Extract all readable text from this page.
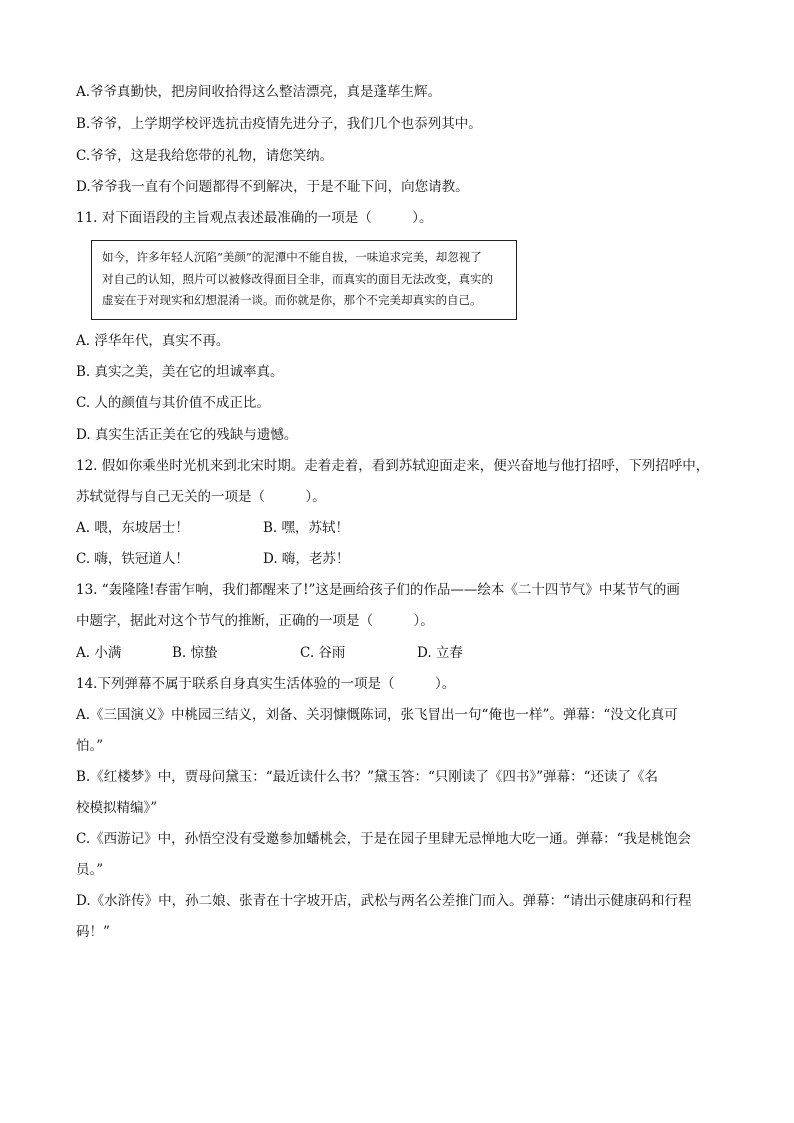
A.爷爷真勤快，把房间收拾得这么整洁漂亮，真是蓬荜生辉。
B.爷爷，上学期学校评选抗击疫情先进分子，我们几个也忝列其中。
C.爷爷，这是我给您带的礼物，请您笑纳。
D.爷爷我一直有个问题都得不到解决，于是不耻下问，向您请教。
11. 对下面语段的主旨观点表述最准确的一项是（　　　）。
如今，许多年轻人沉陷“美颜”的泥潭中不能自拔，一味追求完美，却忽视了
对自己的认知，照片可以被修改得面目全非，而真实的面目无法改变，真实的
虚妄在于对现实和幻想混淆一谈。而你就是你，那个不完美却真实的自己。
A. 浮华年代，真实不再。
B. 真实之美，美在它的坦诚率真。
C. 人的颜值与其价值不成正比。
D. 真实生活正美在它的残缺与遗憾。
12. 假如你乘坐时光机来到北宋时期。走着走着，看到苏轼迎面走来，便兴奋地与他打招呼，下列招呼中，
苏轼觉得与自己无关的一项是（　　　）。
A. 喂，东坡居士！	B. 嘿，苏轼！
C. 嗨，铁冠道人！	D. 嗨，老苏！
13. “轰隆隆!春雷乍响，我们都醒来了!”这是画给孩子们的作品——绘本《二十四节气》中某节气的画
中题字，据此对这个节气的推断，正确的一项是（　　　）。
A. 小满	B. 惊蛰	C. 谷雨	D. 立春
14.下列弹幕不属于联系自身真实生活体验的一项是（　　　）。
A.《三国演义》中桃园三结义，刘备、关羽慷慨陈词，张飞冒出一句“俺也一样”。弹幕：“没文化真可
怕。”
B.《红楼梦》中，贾母问黛玉：“最近读什么书？”黛玉答：“只刚读了《四书》”弹幕：“还读了《名
校模拟精编》”
C.《西游记》中，孙悟空没有受邀参加蟠桃会，于是在园子里肆无忌惮地大吃一通。弹幕：“我是桃饱会
员。”
D.《水浒传》中，孙二娘、张青在十字坡开店，武松与两名公差推门而入。弹幕：“请出示健康码和行程
码！”
